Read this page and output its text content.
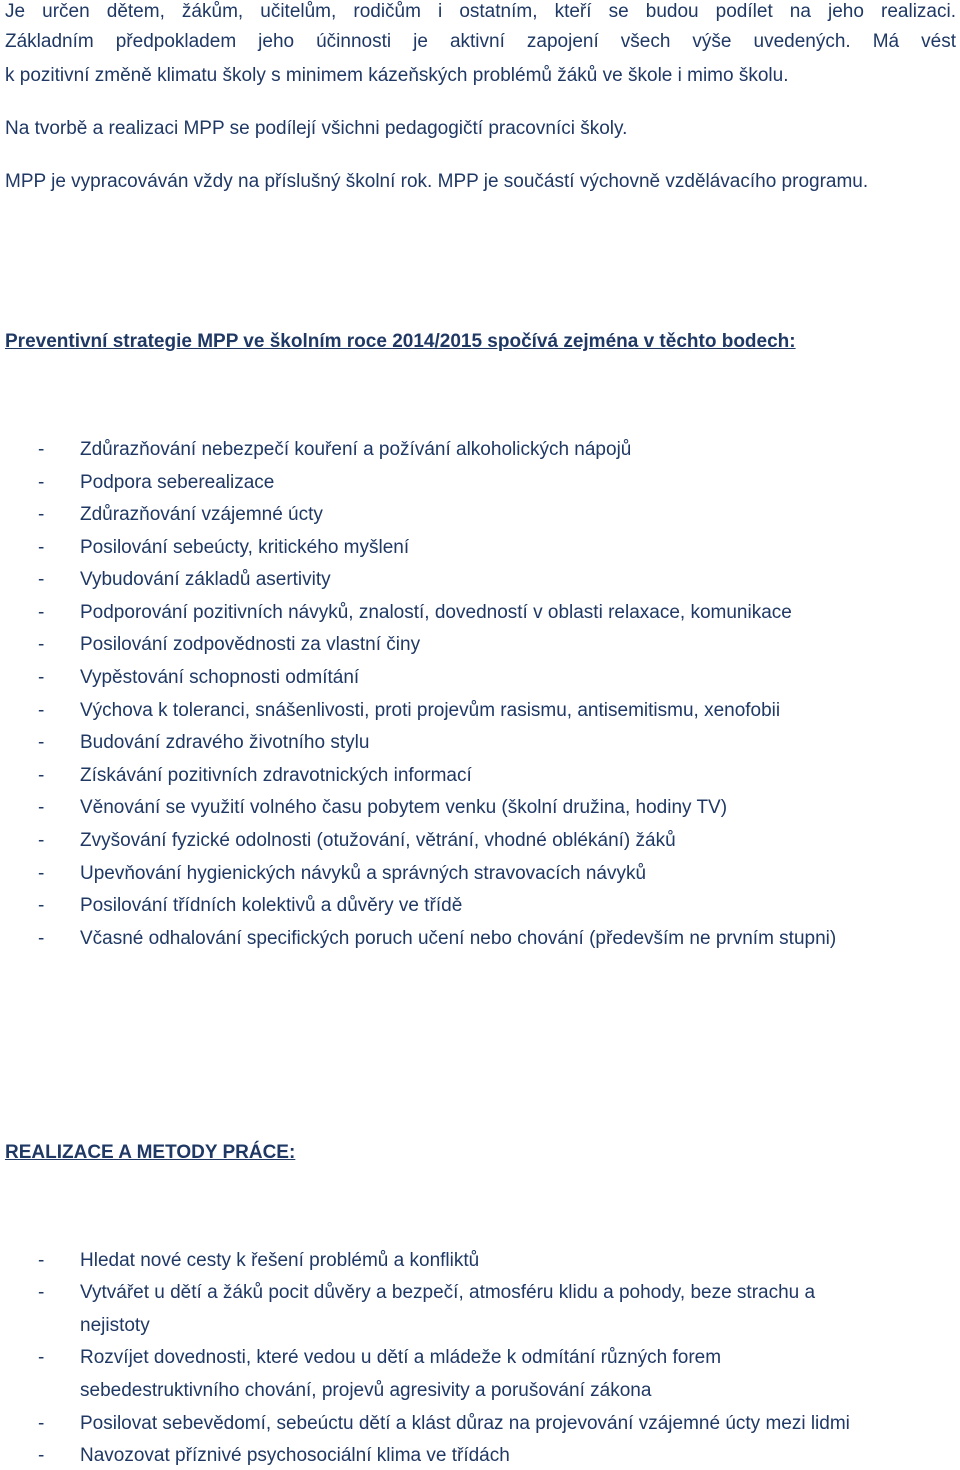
Je určen dětem, žákům, učitelům, rodičům i ostatním, kteří se budou podílet na jeho realizaci.
Základním předpokladem jeho účinnosti je aktivní zapojení všech výše uvedených. Má vést
k pozitivní změně klimatu školy s minimem kázeňských problémů žáků ve škole i mimo školu.
Na tvorbě a realizaci MPP se podílejí všichni pedagogičtí pracovníci školy.
MPP je vypracováván vždy na příslušný školní rok. MPP je součástí výchovně vzdělávacího programu.
Preventivní strategie MPP ve školním roce 2014/2015 spočívá zejména v těchto bodech:
- Zdůrazňování nebezpečí kouření a požívání alkoholických nápojů
- Podpora seberealizace
- Zdůrazňování vzájemné úcty
- Posilování sebeúcty, kritického myšlení
- Vybudování základů asertivity
- Podporování pozitivních návyků, znalostí, dovedností v oblasti relaxace, komunikace
- Posilování zodpovědnosti za vlastní činy
- Vypěstování schopnosti odmítání
- Výchova k toleranci, snášenlivosti, proti projevům rasismu, antisemitismu, xenofobii
- Budování zdravého životního stylu
- Získávání pozitivních zdravotnických informací
- Věnování se využití volného času pobytem venku (školní družina, hodiny TV)
- Zvyšování fyzické odolnosti (otužování, větrání, vhodné oblékání) žáků
- Upevňování hygienických návyků a správných stravovacích návyků
- Posilování třídních kolektivů a důvěry ve třídě
- Včasné odhalování specifických poruch učení nebo chování (především ne prvním stupni)
REALIZACE A METODY PRÁCE:
- Hledat nové cesty k řešení problémů a konfliktů
- Vytvářet u dětí a žáků pocit důvěry a bezpečí, atmosféru klidu a pohody, beze strachu a
nejistoty
- Rozvíjet dovednosti, které vedou u dětí a mládeže k odmítání různých forem
sebedestruktivního chování, projevů agresivity a porušování zákona
- Posilovat sebevědomí, sebeúctu dětí a klást důraz na projevování vzájemné úcty mezi lidmi
- Navozovat příznivé psychosociální klima ve třídách
